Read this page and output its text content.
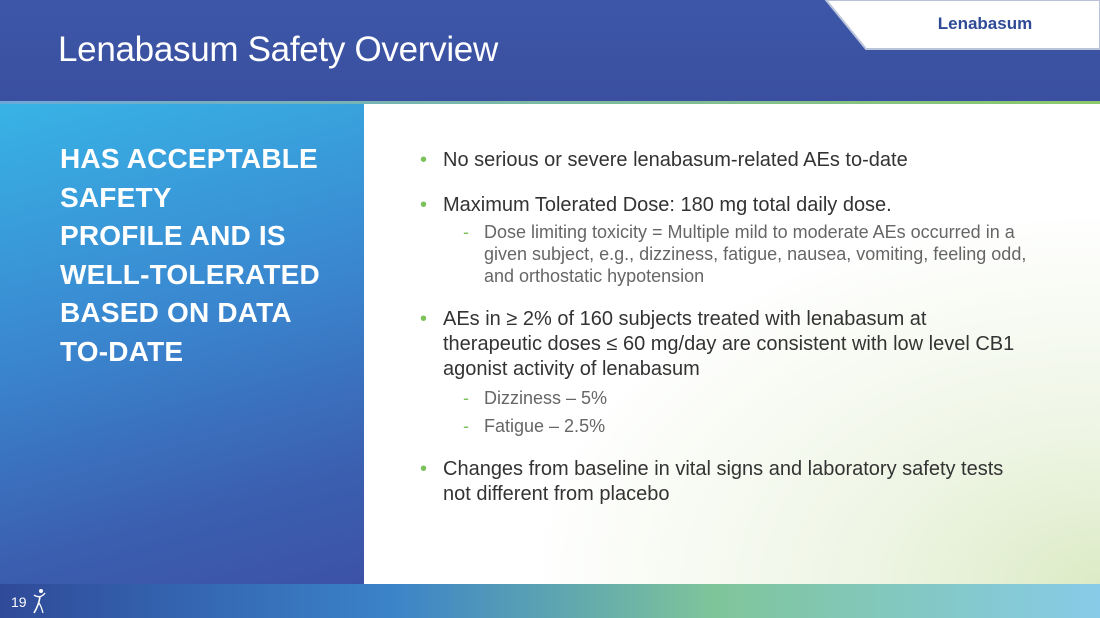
Lenabasum
Lenabasum Safety Overview
HAS ACCEPTABLE
SAFETY
PROFILE AND IS
WELL-TOLERATED
BASED ON DATA
TO-DATE
• No serious or severe lenabasum-related AEs to-date
• Maximum Tolerated Dose: 180 mg total daily dose.
- Dose limiting toxicity = Multiple mild to moderate AEs occurred in a
given subject, e.g., dizziness, fatigue, nausea, vomiting, feeling odd,
and orthostatic hypotension
• AEs in ≥ 2% of 160 subjects treated with lenabasum at
therapeutic doses ≤ 60 mg/day are consistent with low level CB1
agonist activity of lenabasum
- Dizziness – 5%
- Fatigue – 2.5%
• Changes from baseline in vital signs and laboratory safety tests
not different from placebo
19
